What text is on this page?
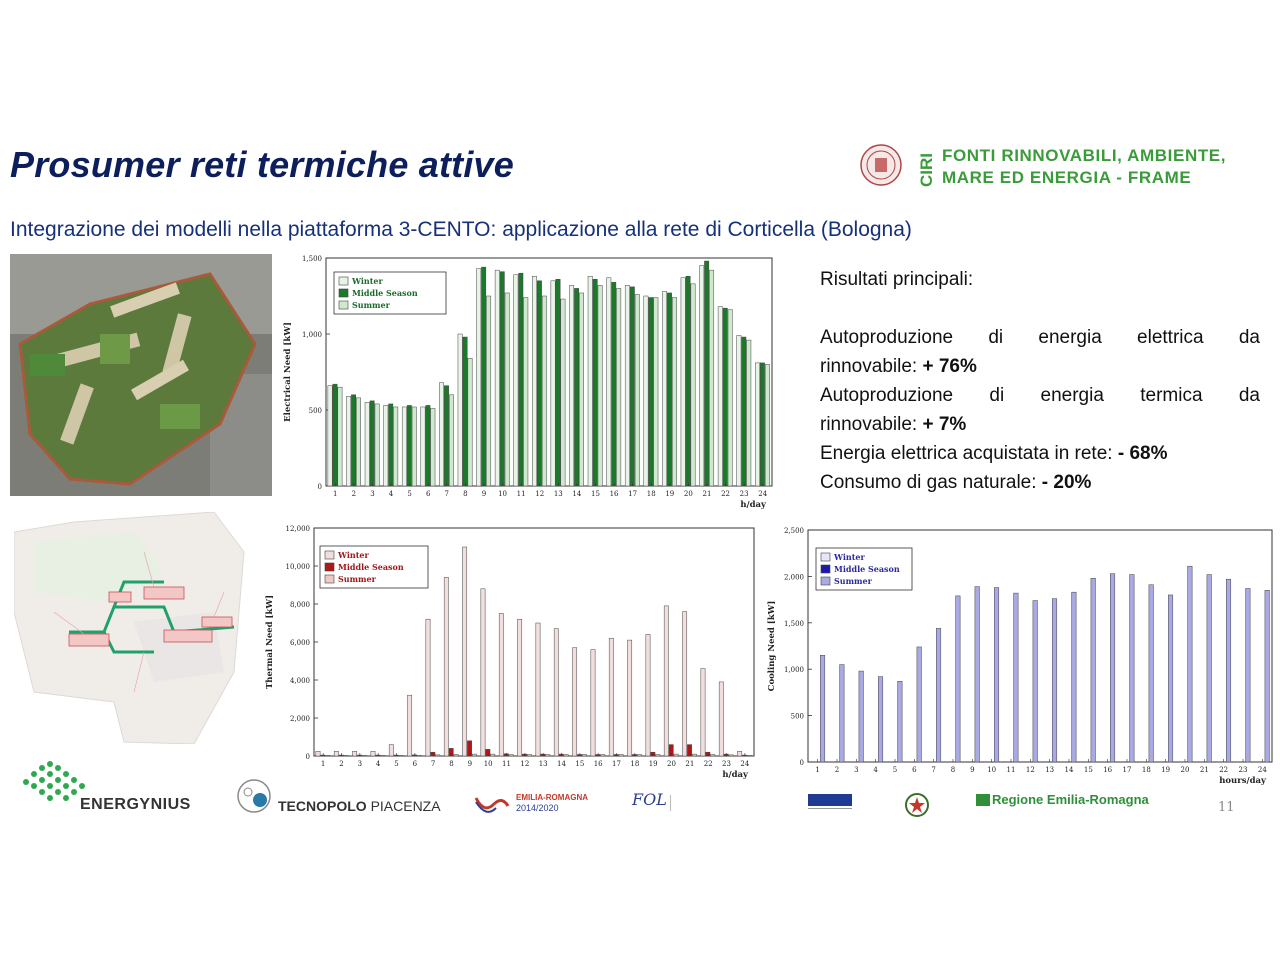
Prosumer reti termiche attive	CIRI FONTI RINNOVABILI, AMBIENTE,
MARE ED ENERGIA - FRAME
Integrazione dei modelli nella piattaforma 3-CENTO: applicazione alla rete di Corticella (Bologna)
Risultati principali:
Autoproduzione di energia elettrica da
rinnovabile: + 76%
Autoproduzione di energia termica da
rinnovabile: + 7%
Energia elettrica acquistata in rete: - 68%
Consumo di gas naturale: - 20%
0
500
1,000
1,500
Electrical Need [kW]
1 2 3 4 5 6 7 8 9 10 11 12 13 14 15 16 17 18 19 20 21 22 23 24
h/day
Winter
Middle Season
Summer
0
2,000
4,000
6,000
8,000
10,000
12,000
Thermal Need [kW]
1 2 3 4 5 6 7 8 9 10 11 12 13 14 15 16 17 18 19 20 21 22 23 24
h/day
Winter
Middle Season
Summer
0
500
1,000
1,500
2,000
2,500
Cooling Need [kW]
1 2 3 4 5 6 7 8 9 10 11 12 13 14 15 16 17 18 19 20 21 22 23 24
hours/day
Winter
Middle Season
Summer
ENERGYNIUS	TECNOPOLO PIACENZA
EMILIA-ROMAGNA
2014/2020	FOL	Regione Emilia-Romagna
11
